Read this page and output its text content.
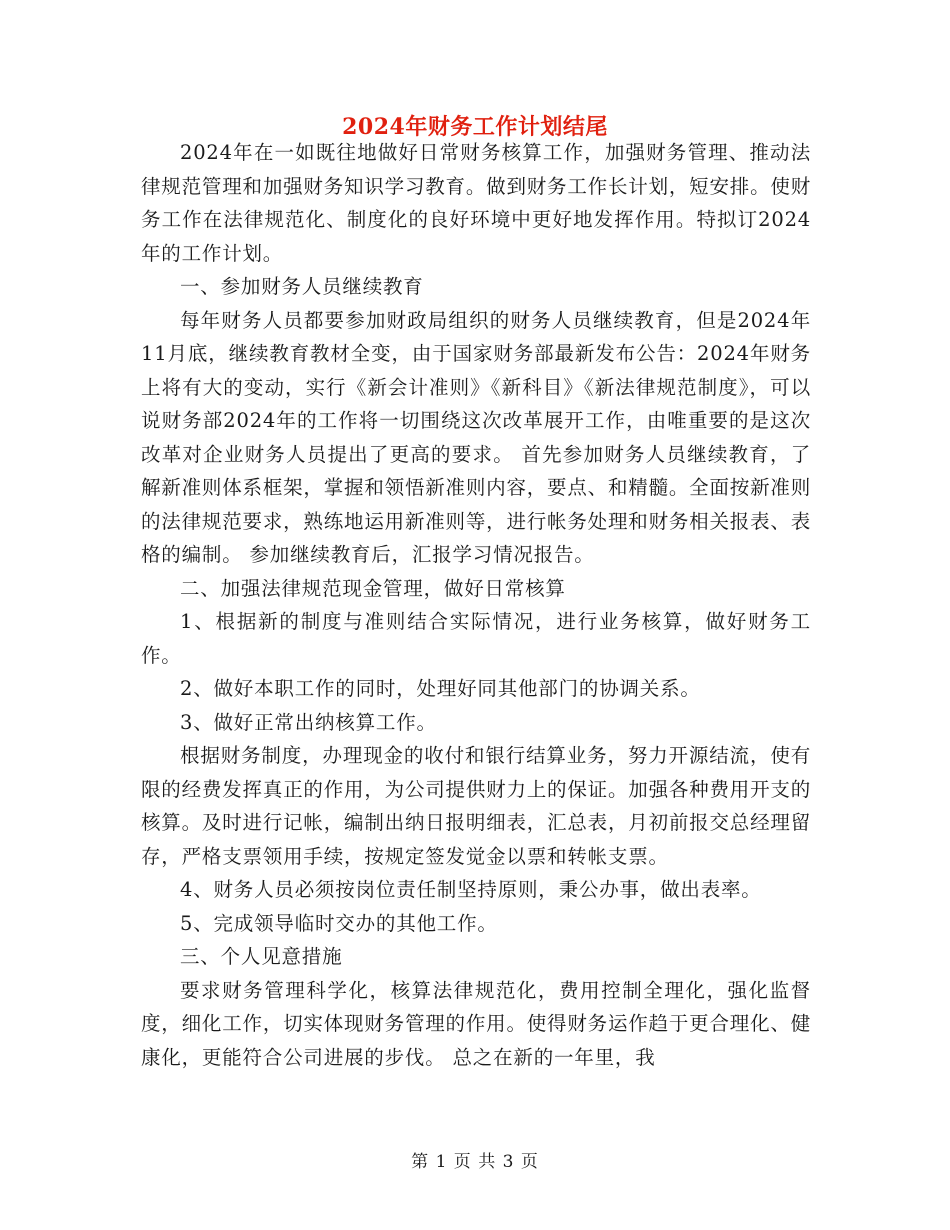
2024年财务工作计划结尾

2024年在一如既往地做好日常财务核算工作，加强财务管理、推动法律规范管理和加强财务知识学习教育。做到财务工作长计划，短安排。使财务工作在法律规范化、制度化的良好环境中更好地发挥作用。特拟订2024年的工作计划。

一、参加财务人员继续教育

每年财务人员都要参加财政局组织的财务人员继续教育，但是2024年11月底，继续教育教材全变，由于国家财务部最新发布公告：2024年财务上将有大的变动，实行《新会计准则》《新科目》《新法律规范制度》，可以说财务部2024年的工作将一切围绕这次改革展开工作，由唯重要的是这次改革对企业财务人员提出了更高的要求。 首先参加财务人员继续教育，了解新准则体系框架，掌握和领悟新准则内容，要点、和精髓。全面按新准则的法律规范要求，熟练地运用新准则等，进行帐务处理和财务相关报表、表格的编制。 参加继续教育后，汇报学习情况报告。

二、加强法律规范现金管理，做好日常核算

1、根据新的制度与准则结合实际情况，进行业务核算，做好财务工作。

2、做好本职工作的同时，处理好同其他部门的协调关系。

3、做好正常出纳核算工作。

根据财务制度，办理现金的收付和银行结算业务，努力开源结流，使有限的经费发挥真正的作用，为公司提供财力上的保证。加强各种费用开支的核算。及时进行记帐，编制出纳日报明细表，汇总表，月初前报交总经理留存，严格支票领用手续，按规定签发觉金以票和转帐支票。

4、财务人员必须按岗位责任制坚持原则，秉公办事，做出表率。

5、完成领导临时交办的其他工作。

三、个人见意措施

要求财务管理科学化，核算法律规范化，费用控制全理化，强化监督度，细化工作，切实体现财务管理的作用。使得财务运作趋于更合理化、健康化，更能符合公司进展的步伐。 总之在新的一年里，我

第 1 页 共 3 页
